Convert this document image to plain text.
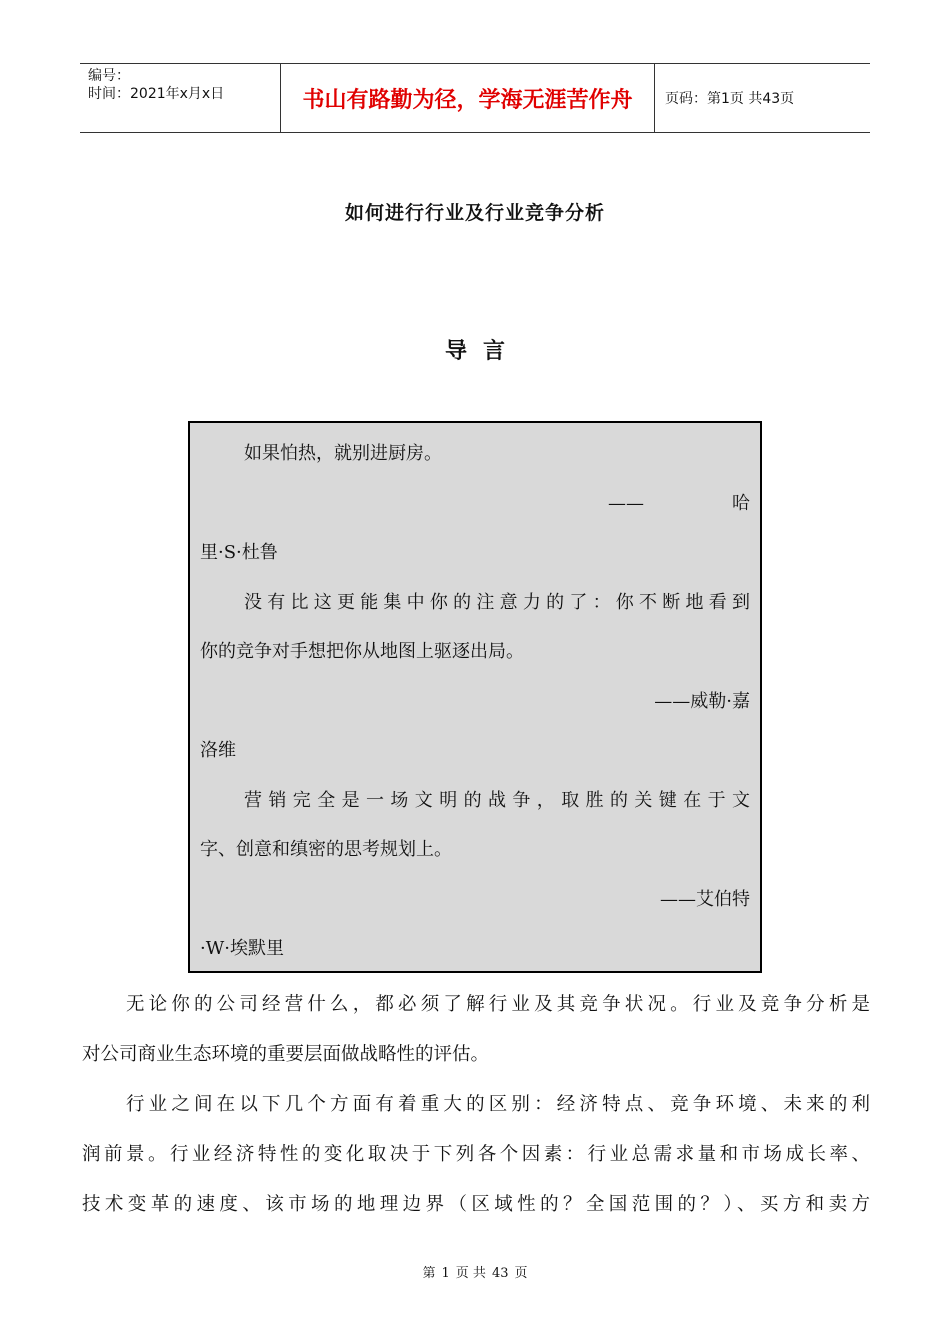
编号：
时间：2021年x月x日	书山有路勤为径，学海无涯苦作舟	页码：第1页 共43页
如何进行行业及行业竞争分析
导言
如果怕热，就别进厨房。
——	哈
里·S·杜鲁
没有比这更能集中你的注意力的了：你不断地看到
你的竞争对手想把你从地图上驱逐出局。
——威勒·嘉
洛维
营销完全是一场文明的战争，取胜的关键在于文
字、创意和缜密的思考规划上。
——艾伯特
·W·埃默里
无论你的公司经营什么，都必须了解行业及其竞争状况。行业及竞争分析是
对公司商业生态环境的重要层面做战略性的评估。
行业之间在以下几个方面有着重大的区别：经济特点、竞争环境、未来的利
润前景。行业经济特性的变化取决于下列各个因素：行业总需求量和市场成长率、
技术变革的速度、该市场的地理边界（区域性的？全国范围的？）、买方和卖方
第 1 页 共 43 页
